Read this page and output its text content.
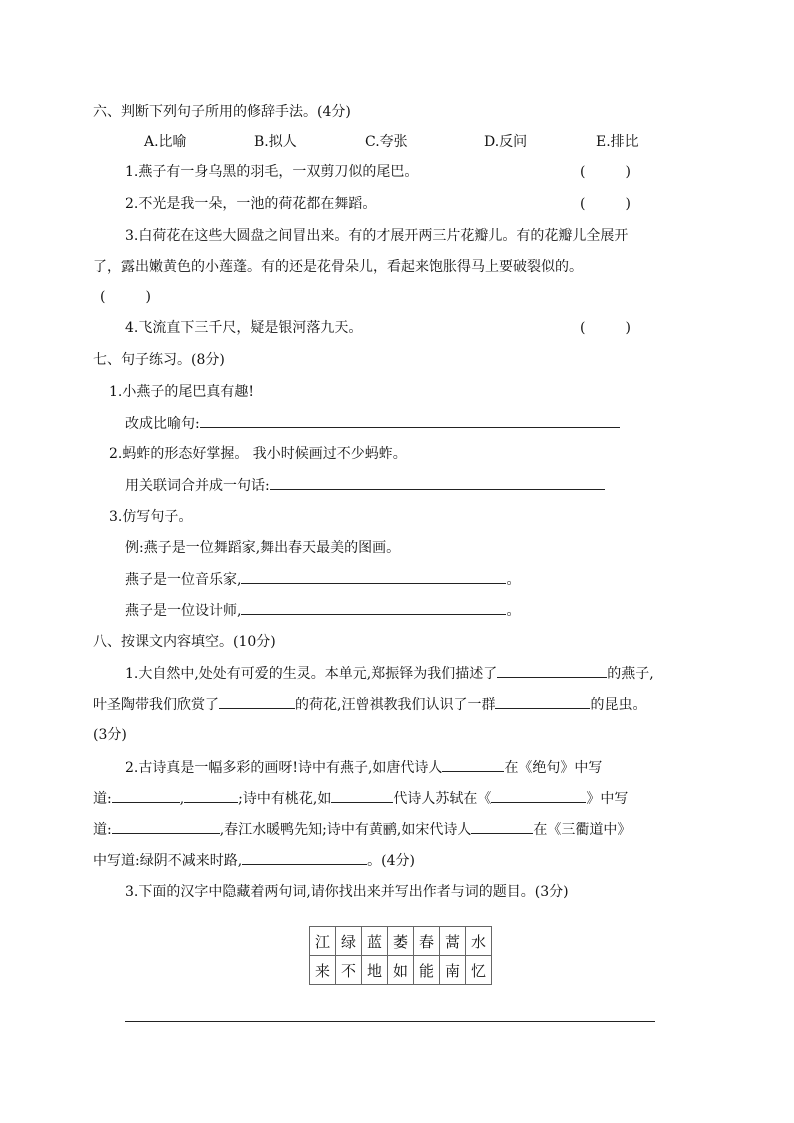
六、判断下列句子所用的修辞手法。(4分)
A.比喻	B.拟人	C.夸张	D.反问	E.排比
1.燕子有一身乌黑的羽毛，一双剪刀似的尾巴。	(	)
2.不光是我一朵，一池的荷花都在舞蹈。	(	)
3.白荷花在这些大圆盘之间冒出来。有的才展开两三片花瓣儿。有的花瓣儿全展开
了，露出嫩黄色的小莲蓬。有的还是花骨朵儿，看起来饱胀得马上要破裂似的。
(	)
4.飞流直下三千尺，疑是银河落九天。	(	)
七、句子练习。(8分)
1.小燕子的尾巴真有趣!
改成比喻句:
2.蚂蚱的形态好掌握。 我小时候画过不少蚂蚱。
用关联词合并成一句话:
3.仿写句子。
例:燕子是一位舞蹈家,舞出春天最美的图画。
燕子是一位音乐家,	。
燕子是一位设计师,	。
八、按课文内容填空。(10分)
1.大自然中,处处有可爱的生灵。本单元,郑振铎为我们描述了	的燕子,
叶圣陶带我们欣赏了	的荷花,汪曾祺教我们认识了一群	的昆虫。
(3分)
2.古诗真是一幅多彩的画呀!诗中有燕子,如唐代诗人	在《绝句》中写
道:	,	;诗中有桃花,如	代诗人苏轼在《	》中写
道:	,春江水暖鸭先知;诗中有黄鹂,如宋代诗人	在《三衢道中》
中写道:绿阴不减来时路,	。(4分)
3.下面的汉字中隐藏着两句词,请你找出来并写出作者与词的题目。(3分)
江	绿	蓝	萎	春	蒿	水
来	不	地	如	能	南	忆
